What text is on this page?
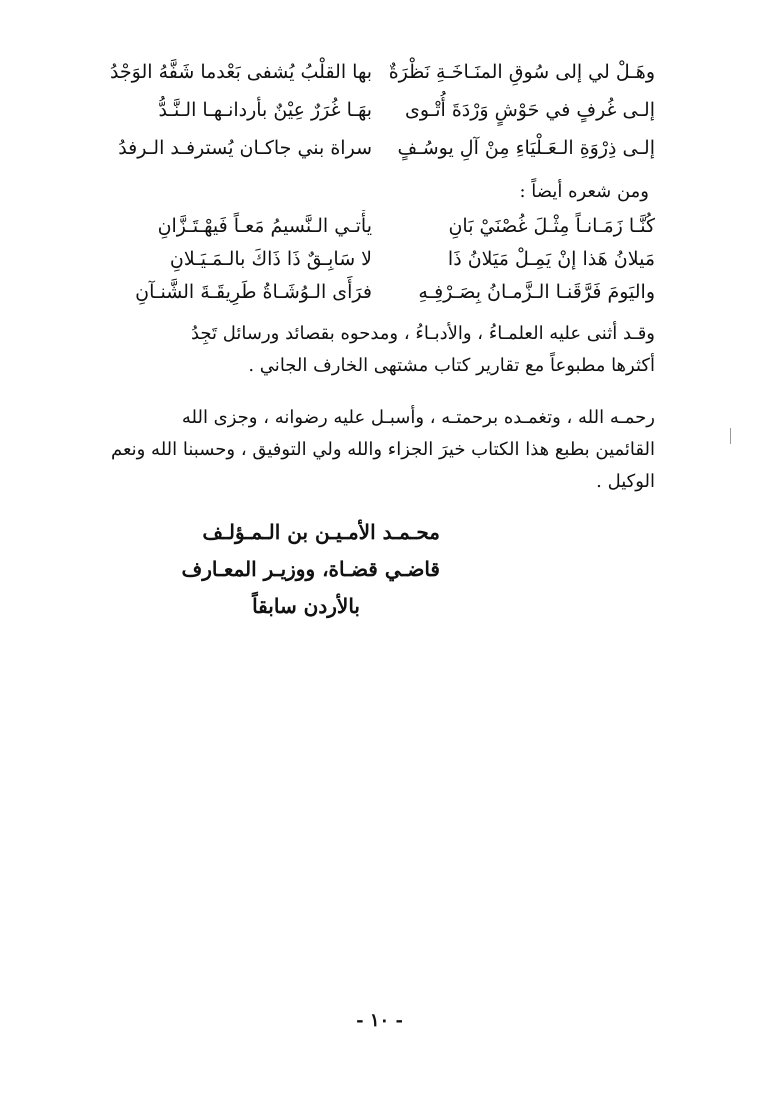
وهَـلْ لي إلى سُوقِ المنَـاخَـةِ نَظْرَةٌ
بها القلْبُ يُشفى بَعْدما شَفَّهُ الوَجْدُ
إلـى غُرفٍ في حَوْشٍ وَرْدَةَ أُتْـوى
بهَـا غُرَرٌ عِيْنٌ بأردانـهـا الـنَّـدُّ
إلـى ذِرْوَةِ الـعَـلْيَاءِ مِنْ آلِ يوسُـفٍ
سراة بني جاكـان يُسترفـد الـرفدُ
ومن شعره أيضاً :
كُنَّـا زَمَـانـاً مِثْـلَ غُصْنَيْ بَانِ
يأْتـي الـنَّسيمُ مَعـاً فَيهْـتَـزَّانِ
مَيلانُ هَذا إنْ يَمِـلْ مَيَلانُ ذَا
لا سَابِـقٌ ذَا ذَاكَ بالـمَـيَـلانِ
واليَومَ فَرَّقَنـا الـزَّمـانُ بِصَـرْفِـهِ
فرَأَى الـوُشَـاةُ طَرِيقَـةَ الشَّنـآنِ

وقـد أثنى عليه العلمـاءُ ، والأدبـاءُ ، ومدحوه بقصائد ورسائل تَجِدُ

أكثرها مطبوعاً مع تقارير كتاب مشتهى الخارف الجاني .

رحمـه الله ، وتغمـده برحمتـه ، وأسبـل عليه رضوانه ، وجزى الله

القائمين بطبع هذا الكتاب خيرَ الجزاء والله ولي التوفيق ، وحسبنا الله ونعم

الوكيل .

محـمـد الأمـيـن بن الـمـؤلـف
قاضـي قضـاة، ووزيـر المعـارف
بالأردن سابقاً
- ١٠ -
